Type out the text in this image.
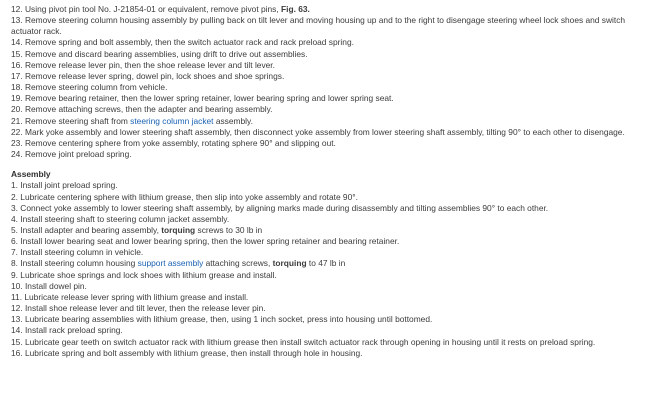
12. Using pivot pin tool No. J-21854-01 or equivalent, remove pivot pins, Fig. 63.
13. Remove steering column housing assembly by pulling back on tilt lever and moving housing up and to the right to disengage steering wheel lock shoes and switch actuator rack.
14. Remove spring and bolt assembly, then the switch actuator rack and rack preload spring.
15. Remove and discard bearing assemblies, using drift to drive out assemblies.
16. Remove release lever pin, then the shoe release lever and tilt lever.
17. Remove release lever spring, dowel pin, lock shoes and shoe springs.
18. Remove steering column from vehicle.
19. Remove bearing retainer, then the lower spring retainer, lower bearing spring and lower spring seat.
20. Remove attaching screws, then the adapter and bearing assembly.
21. Remove steering shaft from steering column jacket assembly.
22. Mark yoke assembly and lower steering shaft assembly, then disconnect yoke assembly from lower steering shaft assembly, tilting 90° to each other to disengage.
23. Remove centering sphere from yoke assembly, rotating sphere 90° and slipping out.
24. Remove joint preload spring.
Assembly
1. Install joint preload spring.
2. Lubricate centering sphere with lithium grease, then slip into yoke assembly and rotate 90°.
3. Connect yoke assembly to lower steering shaft assembly, by aligning marks made during disassembly and tilting assemblies 90° to each other.
4. Install steering shaft to steering column jacket assembly.
5. Install adapter and bearing assembly, torquing screws to 30 lb in
6. Install lower bearing seat and lower bearing spring, then the lower spring retainer and bearing retainer.
7. Install steering column in vehicle.
8. Install steering column housing support assembly attaching screws, torquing to 47 lb in
9. Lubricate shoe springs and lock shoes with lithium grease and install.
10. Install dowel pin.
11. Lubricate release lever spring with lithium grease and install.
12. Install shoe release lever and tilt lever, then the release lever pin.
13. Lubricate bearing assemblies with lithium grease, then, using 1 inch socket, press into housing until bottomed.
14. Install rack preload spring.
15. Lubricate gear teeth on switch actuator rack with lithium grease then install switch actuator rack through opening in housing until it rests on preload spring.
16. Lubricate spring and bolt assembly with lithium grease, then install through hole in housing.
